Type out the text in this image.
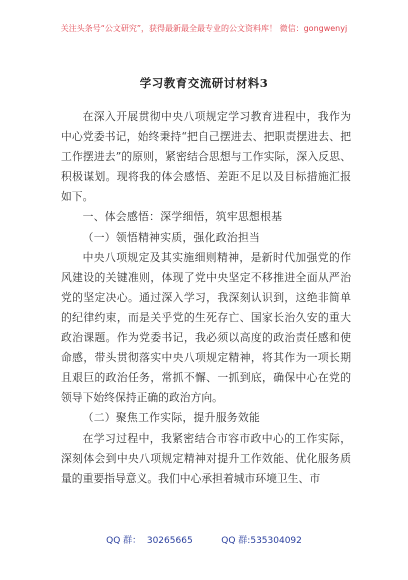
关注头条号“公文研究”，获得最新最全最专业的公文资料库！ 微信：gongwenyj
学习教育交流研讨材料3

在深入开展贯彻中央八项规定学习教育进程中，我作为中心党委书记，始终秉持“把自己摆进去、把职责摆进去、把工作摆进去”的原则，紧密结合思想与工作实际，深入反思、积极谋划。现将我的体会感悟、差距不足以及目标措施汇报如下。

一、体会感悟：深学细悟，筑牢思想根基

（一）领悟精神实质，强化政治担当

中央八项规定及其实施细则精神，是新时代加强党的作风建设的关键准则，体现了党中央坚定不移推进全面从严治党的坚定决心。通过深入学习，我深刻认识到，这绝非简单的纪律约束，而是关乎党的生死存亡、国家长治久安的重大政治课题。作为党委书记，我必须以高度的政治责任感和使命感，带头贯彻落实中央八项规定精神，将其作为一项长期且艰巨的政治任务，常抓不懈、一抓到底，确保中心在党的领导下始终保持正确的政治方向。

（二）聚焦工作实际，提升服务效能

在学习过程中，我紧密结合市容市政中心的工作实际，深刻体会到中央八项规定精神对提升工作效能、优化服务质量的重要指导意义。我们中心承担着城市环境卫生、市

QQ 群：  30265665          QQ 群:535304092
